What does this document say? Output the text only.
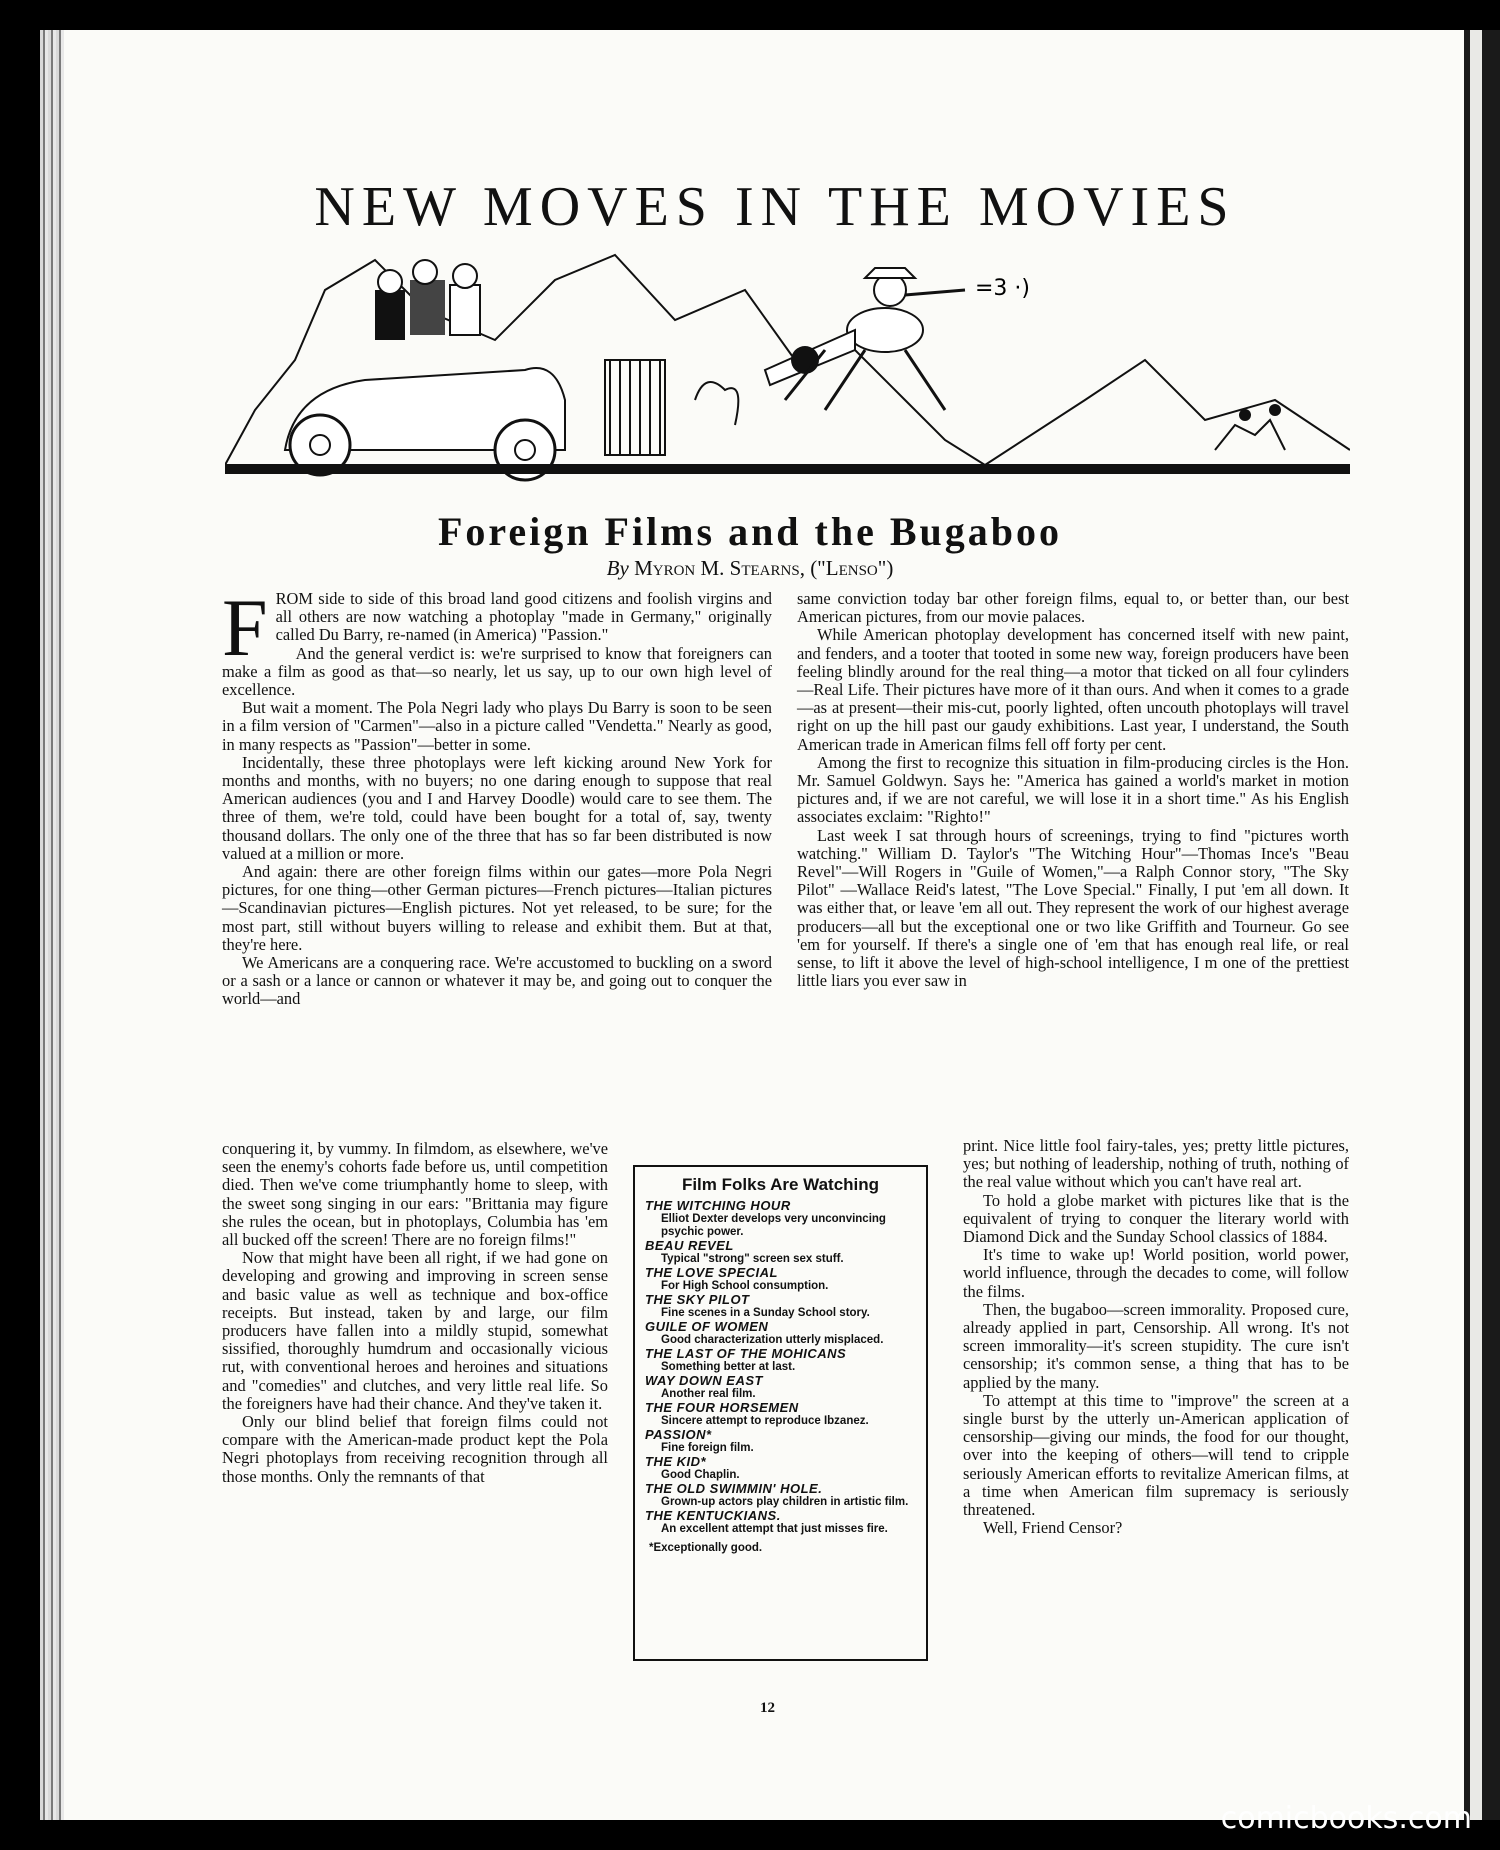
NEW MOVES IN THE MOVIES
=3 ·)
Foreign Films and the Bugaboo
By Myron M. Stearns, ("Lenso")

FROM side to side of this broad land good citizens and foolish virgins and all others are now watching a photoplay "made in Germany," originally called Du Barry, re-named (in America) "Passion."

And the general verdict is: we're surprised to know that foreigners can make a film as good as that—so nearly, let us say, up to our own high level of excellence.

But wait a moment. The Pola Negri lady who plays Du Barry is soon to be seen in a film version of "Carmen"—also in a picture called "Vendetta." Nearly as good, in many respects as "Passion"—better in some.

Incidentally, these three photoplays were left kicking around New York for months and months, with no buyers; no one daring enough to suppose that real American audiences (you and I and Harvey Doodle) would care to see them. The three of them, we're told, could have been bought for a total of, say, twenty thousand dollars. The only one of the three that has so far been distributed is now valued at a million or more.

And again: there are other foreign films within our gates—more Pola Negri pictures, for one thing—other German pictures—French pictures—Italian pictures—Scandinavian pictures—English pictures. Not yet released, to be sure; for the most part, still without buyers willing to release and exhibit them. But at that, they're here.

We Americans are a conquering race. We're accustomed to buckling on a sword or a sash or a lance or cannon or whatever it may be, and going out to conquer the world—and

conquering it, by vummy. In filmdom, as elsewhere, we've seen the enemy's cohorts fade before us, until competition died. Then we've come triumphantly home to sleep, with the sweet song singing in our ears: "Brittania may figure she rules the ocean, but in photoplays, Columbia has 'em all bucked off the screen! There are no foreign films!"

Now that might have been all right, if we had gone on developing and growing and improving in screen sense and basic value as well as technique and box-office receipts. But instead, taken by and large, our film producers have fallen into a mildly stupid, somewhat sissified, thoroughly humdrum and occasionally vicious rut, with conventional heroes and heroines and situations and "comedies" and clutches, and very little real life. So the foreigners have had their chance. And they've taken it.

Only our blind belief that foreign films could not compare with the American-made product kept the Pola Negri photoplays from receiving recognition through all those months. Only the remnants of that

same conviction today bar other foreign films, equal to, or better than, our best American pictures, from our movie palaces.

While American photoplay development has concerned itself with new paint, and fenders, and a tooter that tooted in some new way, foreign producers have been feeling blindly around for the real thing—a motor that ticked on all four cylinders—Real Life. Their pictures have more of it than ours. And when it comes to a grade—as at present—their mis-cut, poorly lighted, often uncouth photoplays will travel right on up the hill past our gaudy exhibitions. Last year, I understand, the South American trade in American films fell off forty per cent.

Among the first to recognize this situation in film-producing circles is the Hon. Mr. Samuel Goldwyn. Says he: "America has gained a world's market in motion pictures and, if we are not careful, we will lose it in a short time." As his English associates exclaim: "Righto!"

Last week I sat through hours of screenings, trying to find "pictures worth watching." William D. Taylor's "The Witching Hour"—Thomas Ince's "Beau Revel"—Will Rogers in "Guile of Women,"—a Ralph Connor story, "The Sky Pilot" —Wallace Reid's latest, "The Love Special." Finally, I put 'em all down. It was either that, or leave 'em all out. They represent the work of our highest average producers—all but the exceptional one or two like Griffith and Tourneur. Go see 'em for yourself. If there's a single one of 'em that has enough real life, or real sense, to lift it above the level of high-school intelligence, I m one of the prettiest little liars you ever saw in

print. Nice little fool fairy-tales, yes; pretty little pictures, yes; but nothing of leadership, nothing of truth, nothing of the real value without which you can't have real art.

To hold a globe market with pictures like that is the equivalent of trying to conquer the literary world with Diamond Dick and the Sunday School classics of 1884.

It's time to wake up! World position, world power, world influence, through the decades to come, will follow the films.

Then, the bugaboo—screen immorality. Proposed cure, already applied in part, Censorship. All wrong. It's not screen immorality—it's screen stupidity. The cure isn't censorship; it's common sense, a thing that has to be applied by the many.

To attempt at this time to "improve" the screen at a single burst by the utterly un-American application of censorship—giving our minds, the food for our thought, over into the keeping of others—will tend to cripple seriously American efforts to revitalize American films, at a time when American film supremacy is seriously threatened.

Well, Friend Censor?

Film Folks Are Watching
THE WITCHING HOUR
Elliot Dexter develops very unconvincing psychic power.
BEAU REVEL
Typical "strong" screen sex stuff.
THE LOVE SPECIAL
For High School consumption.
THE SKY PILOT
Fine scenes in a Sunday School story.
GUILE OF WOMEN
Good characterization utterly misplaced.
THE LAST OF THE MOHICANS
Something better at last.
WAY DOWN EAST
Another real film.
THE FOUR HORSEMEN
Sincere attempt to reproduce Ibzanez.
PASSION*
Fine foreign film.
THE KID*
Good Chaplin.
THE OLD SWIMMIN' HOLE.
Grown-up actors play children in artistic film.
THE KENTUCKIANS.
An excellent attempt that just misses fire.
*Exceptionally good.
12
comicbooks.com
